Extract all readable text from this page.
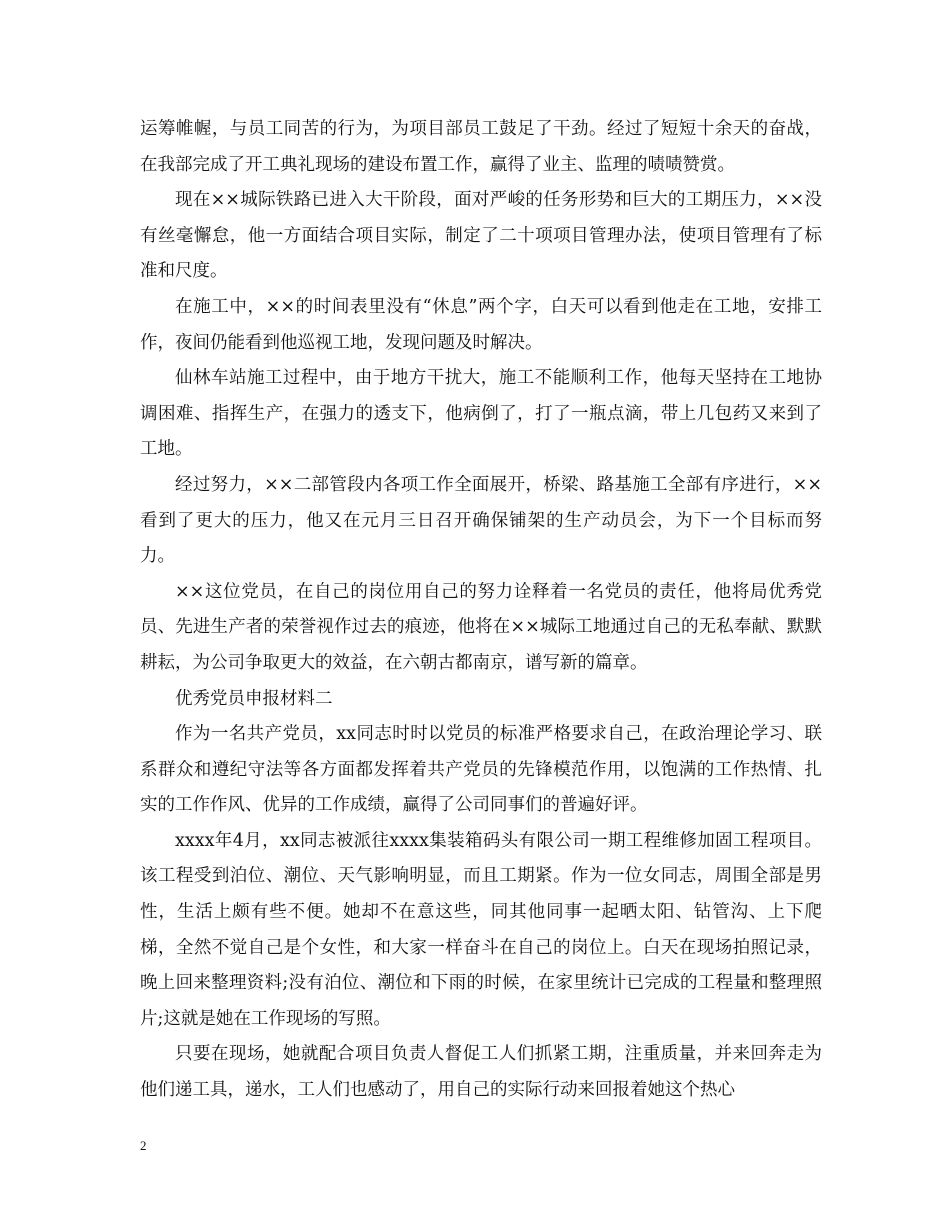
运筹帷幄，与员工同苦的行为，为项目部员工鼓足了干劲。经过了短短十余天的奋战，在我部完成了开工典礼现场的建设布置工作，赢得了业主、监理的啧啧赞赏。

现在××城际铁路已进入大干阶段，面对严峻的任务形势和巨大的工期压力，××没有丝毫懈怠，他一方面结合项目实际，制定了二十项项目管理办法，使项目管理有了标准和尺度。

在施工中，××的时间表里没有“休息”两个字，白天可以看到他走在工地，安排工作，夜间仍能看到他巡视工地，发现问题及时解决。

仙林车站施工过程中，由于地方干扰大，施工不能顺利工作，他每天坚持在工地协调困难、指挥生产，在强力的透支下，他病倒了，打了一瓶点滴，带上几包药又来到了工地。

经过努力，××二部管段内各项工作全面展开，桥梁、路基施工全部有序进行，××看到了更大的压力，他又在元月三日召开确保铺架的生产动员会，为下一个目标而努力。

××这位党员，在自己的岗位用自己的努力诠释着一名党员的责任，他将局优秀党员、先进生产者的荣誉视作过去的痕迹，他将在××城际工地通过自己的无私奉献、默默耕耘，为公司争取更大的效益，在六朝古都南京，谱写新的篇章。

优秀党员申报材料二

作为一名共产党员，xx同志时时以党员的标准严格要求自己，在政治理论学习、联系群众和遵纪守法等各方面都发挥着共产党员的先锋模范作用，以饱满的工作热情、扎实的工作作风、优异的工作成绩，赢得了公司同事们的普遍好评。

xxxx年4月，xx同志被派往xxxx集装箱码头有限公司一期工程维修加固工程项目。该工程受到泊位、潮位、天气影响明显，而且工期紧。作为一位女同志，周围全部是男性，生活上颇有些不便。她却不在意这些，同其他同事一起晒太阳、钻管沟、上下爬梯，全然不觉自己是个女性，和大家一样奋斗在自己的岗位上。白天在现场拍照记录，晚上回来整理资料;没有泊位、潮位和下雨的时候，在家里统计已完成的工程量和整理照片;这就是她在工作现场的写照。

只要在现场，她就配合项目负责人督促工人们抓紧工期，注重质量，并来回奔走为他们递工具，递水，工人们也感动了，用自己的实际行动来回报着她这个热心

2
